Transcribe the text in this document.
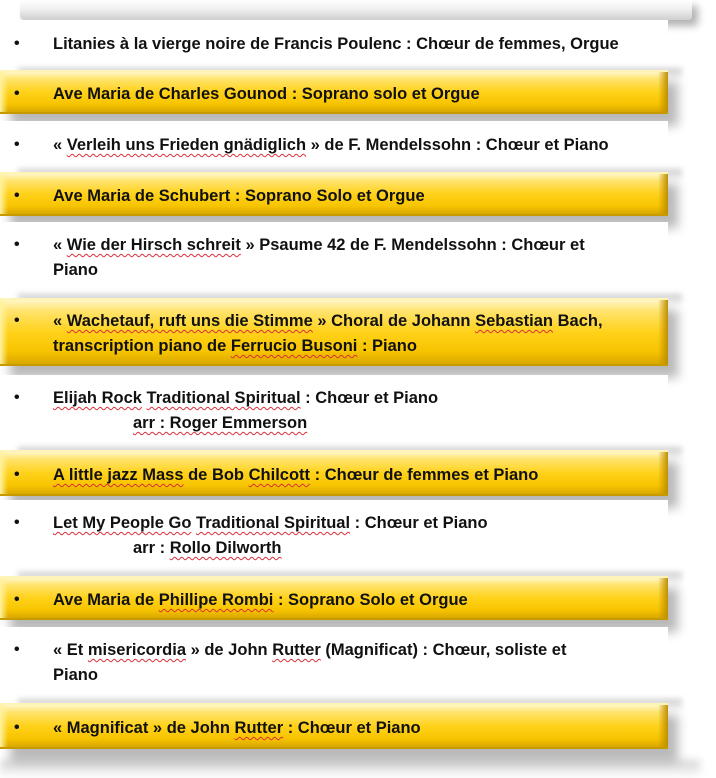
• Litanies à la vierge noire de Francis Poulenc : Chœur de femmes, Orgue
• Ave Maria de Charles Gounod : Soprano solo et Orgue
• « Verleih uns Frieden gnädiglich » de F. Mendelssohn : Chœur et Piano
• Ave Maria de Schubert : Soprano Solo et Orgue
• « Wie der Hirsch schreit » Psaume 42 de F. Mendelssohn : Chœur et
Piano
• « Wachetauf, ruft uns die Stimme » Choral de Johann Sebastian Bach,
transcription piano de Ferrucio Busoni : Piano
• Elijah Rock Traditional Spiritual : Chœur et Piano
arr : Roger Emmerson
• A little jazz Mass de Bob Chilcott : Chœur de femmes et Piano
• Let My People Go Traditional Spiritual : Chœur et Piano
arr : Rollo Dilworth
• Ave Maria de Phillipe Rombi : Soprano Solo et Orgue
• « Et misericordia » de John Rutter (Magnificat) : Chœur, soliste et
Piano
• « Magnificat » de John Rutter : Chœur et Piano
